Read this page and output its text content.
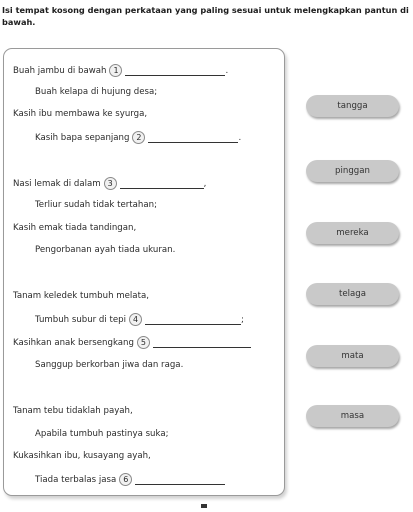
Isi tempat kosong dengan perkataan yang paling sesuai untuk melengkapkan pantun di bawah.
Buah jambu di bawah 1	.
Buah kelapa di hujung desa;
Kasih ibu membawa ke syurga,
Kasih bapa sepanjang 2	.
Nasi lemak di dalam 3	,
Terliur sudah tidak tertahan;
Kasih emak tiada tandingan,
Pengorbanan ayah tiada ukuran.
Tanam keledek tumbuh melata,
Tumbuh subur di tepi 4	;
Kasihkan anak bersengkang 5
Sanggup berkorban jiwa dan raga.
Tanam tebu tidaklah payah,
Apabila tumbuh pastinya suka;
Kukasihkan ibu, kusayang ayah,
Tiada terbalas jasa 6
tangga
pinggan
mereka
telaga
mata
masa
